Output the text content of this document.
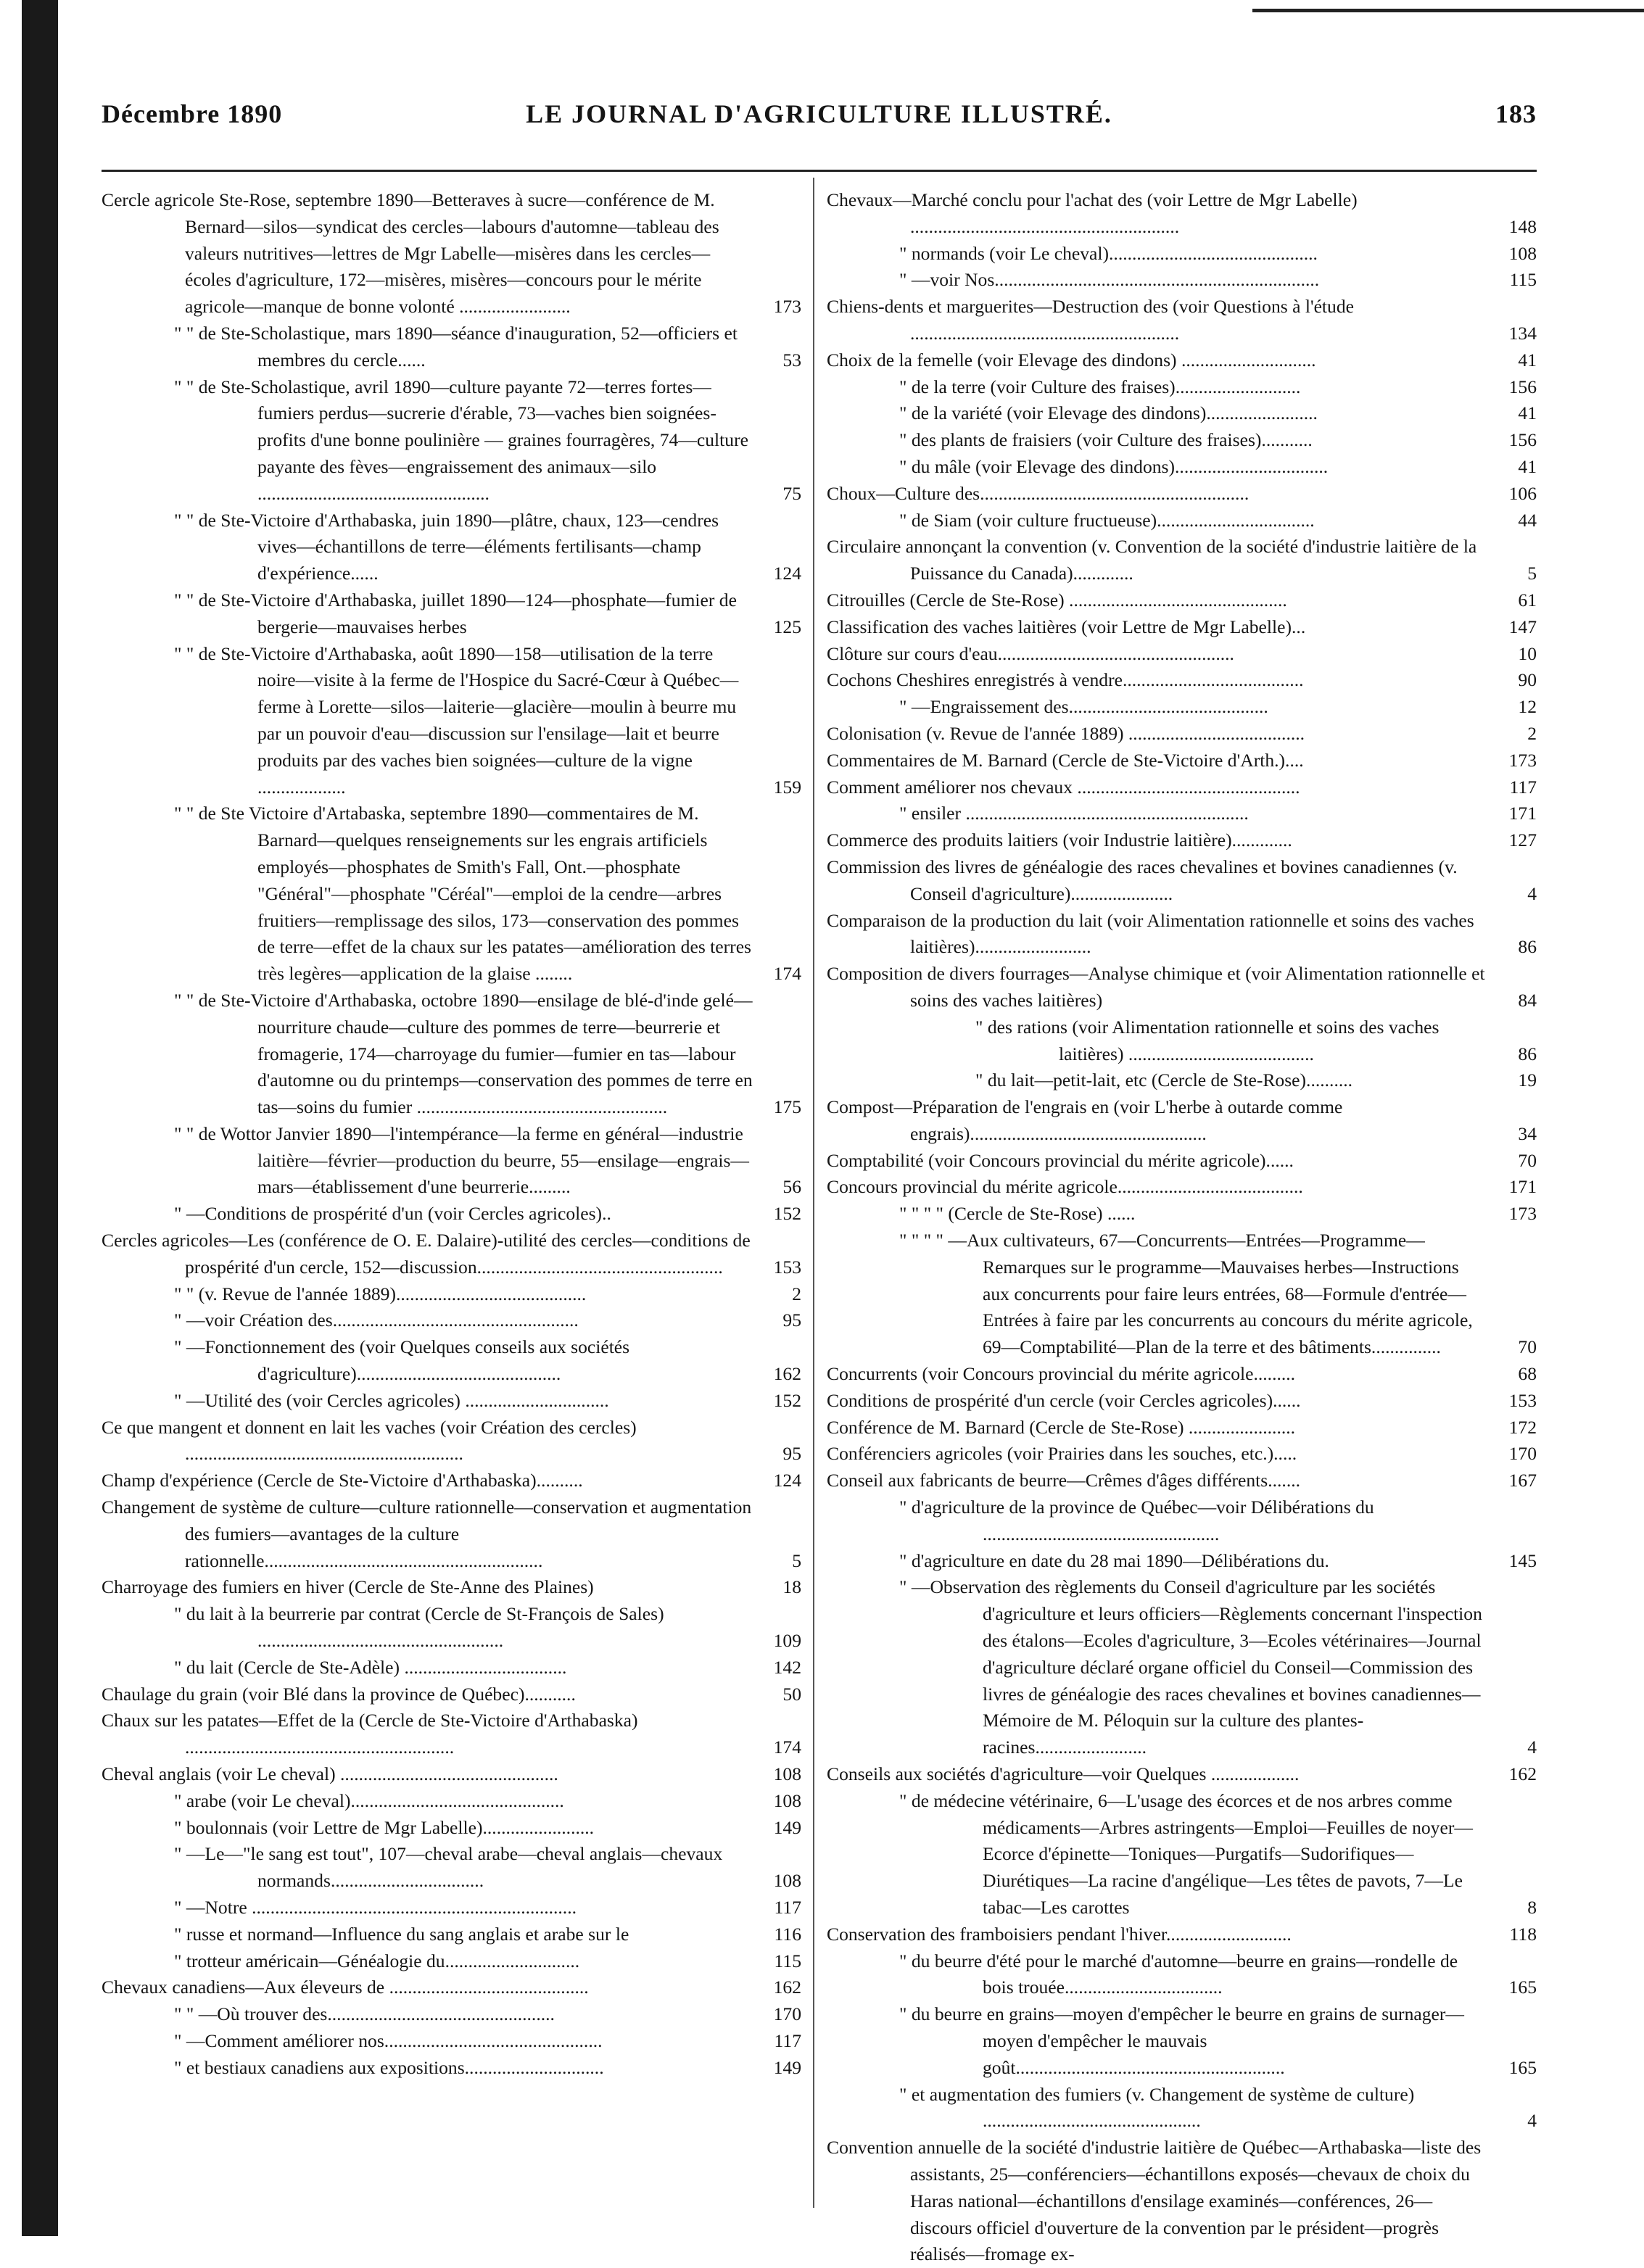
Décembre 1890	LE JOURNAL D'AGRICULTURE ILLUSTRÉ.	183
Cercle agricole Ste-Rose, septembre 1890—Betteraves à sucre—conférence de M. Bernard—silos—syndicat des cercles—labours d'automne—tableau des valeurs nutritives—lettres de Mgr Labelle—misères dans les cercles—écoles d'agriculture, 172—misères, misères—concours pour le mérite agricole—manque de bonne volonté ........................	173
" " de Ste-Scholastique, mars 1890—séance d'inauguration, 52—officiers et membres du cercle......	53
" " de Ste-Scholastique, avril 1890—culture payante 72—terres fortes—fumiers perdus—sucrerie d'érable, 73—vaches bien soignées-profits d'une bonne poulinière — graines fourragères, 74—culture payante des fèves—engraissement des animaux—silo ..................................................	75
" " de Ste-Victoire d'Arthabaska, juin 1890—plâtre, chaux, 123—cendres vives—échantillons de terre—éléments fertilisants—champ d'expérience......	124
" " de Ste-Victoire d'Arthabaska, juillet 1890—124—phosphate—fumier de bergerie—mauvaises herbes	125
" " de Ste-Victoire d'Arthabaska, août 1890—158—utilisation de la terre noire—visite à la ferme de l'Hospice du Sacré-Cœur à Québec—ferme à Lorette—silos—laiterie—glacière—moulin à beurre mu par un pouvoir d'eau—discussion sur l'ensilage—lait et beurre produits par des vaches bien soignées—culture de la vigne ...................	159
" " de Ste Victoire d'Artabaska, septembre 1890—commentaires de M. Barnard—quelques renseignements sur les engrais artificiels employés—phosphates de Smith's Fall, Ont.—phosphate "Général"—phosphate "Céréal"—emploi de la cendre—arbres fruitiers—remplissage des silos, 173—conservation des pommes de terre—effet de la chaux sur les patates—amélioration des terres très legères—application de la glaise ........	174
" " de Ste-Victoire d'Arthabaska, octobre 1890—ensilage de blé-d'inde gelé—nourriture chaude—culture des pommes de terre—beurrerie et fromagerie, 174—charroyage du fumier—fumier en tas—labour d'automne ou du printemps—conservation des pommes de terre en tas—soins du fumier ......................................................	175
" " de Wottor Janvier 1890—l'intempérance—la ferme en général—industrie laitière—février—production du beurre, 55—ensilage—engrais—mars—établissement d'une beurrerie.........	56
" —Conditions de prospérité d'un (voir Cercles agricoles)..	152
Cercles agricoles—Les (conférence de O. E. Dalaire)-utilité des cercles—conditions de prospérité d'un cercle, 152—discussion.....................................................	153
" " (v. Revue de l'année 1889).........................................	2
" —voir Création des.....................................................	95
" —Fonctionnement des (voir Quelques conseils aux sociétés d'agriculture)............................................	162
" —Utilité des (voir Cercles agricoles) ...............................	152
Ce que mangent et donnent en lait les vaches (voir Création des cercles) ............................................................	95
Champ d'expérience (Cercle de Ste-Victoire d'Arthabaska)..........	124
Changement de système de culture—culture rationnelle—conservation et augmentation des fumiers—avantages de la culture rationnelle............................................................	5
Charroyage des fumiers en hiver (Cercle de Ste-Anne des Plaines)	18
" du lait à la beurrerie par contrat (Cercle de St-François de Sales) .....................................................	109
" du lait (Cercle de Ste-Adèle) ...................................	142
Chaulage du grain (voir Blé dans la province de Québec)...........	50
Chaux sur les patates—Effet de la (Cercle de Ste-Victoire d'Arthabaska) ..........................................................	174
Cheval anglais (voir Le cheval) ...............................................	108
" arabe (voir Le cheval)..............................................	108
" boulonnais (voir Lettre de Mgr Labelle)........................	149
" —Le—"le sang est tout", 107—cheval arabe—cheval anglais—chevaux normands.................................	108
" —Notre ......................................................................	117
" russe et normand—Influence du sang anglais et arabe sur le	116
" trotteur américain—Généalogie du.............................	115
Chevaux canadiens—Aux éleveurs de ...........................................	162
" " —Où trouver des.................................................	170
" —Comment améliorer nos...............................................	117
" et bestiaux canadiens aux expositions..............................	149
Chevaux—Marché conclu pour l'achat des (voir Lettre de Mgr Labelle) ..........................................................	148
" normands (voir Le cheval).............................................	108
" —voir Nos......................................................................	115
Chiens-dents et marguerites—Destruction des (voir Questions à l'étude ..........................................................	134
Choix de la femelle (voir Elevage des dindons) .............................	41
" de la terre (voir Culture des fraises)...........................	156
" de la variété (voir Elevage des dindons)........................	41
" des plants de fraisiers (voir Culture des fraises)...........	156
" du mâle (voir Elevage des dindons).................................	41
Choux—Culture des..........................................................	106
" de Siam (voir culture fructueuse)..................................	44
Circulaire annonçant la convention (v. Convention de la société d'industrie laitière de la Puissance du Canada).............	5
Citrouilles (Cercle de Ste-Rose) ...............................................	61
Classification des vaches laitières (voir Lettre de Mgr Labelle)...	147
Clôture sur cours d'eau...................................................	10
Cochons Cheshires enregistrés à vendre.......................................	90
" —Engraissement des...........................................	12
Colonisation (v. Revue de l'année 1889) ......................................	2
Commentaires de M. Barnard (Cercle de Ste-Victoire d'Arth.)....	173
Comment améliorer nos chevaux ................................................	117
" ensiler .............................................................	171
Commerce des produits laitiers (voir Industrie laitière).............	127
Commission des livres de généalogie des races chevalines et bovines canadiennes (v. Conseil d'agriculture)......................	4
Comparaison de la production du lait (voir Alimentation rationnelle et soins des vaches laitières).........................	86
Composition de divers fourrages—Analyse chimique et (voir Alimentation rationnelle et soins des vaches laitières)	84
" des rations (voir Alimentation rationnelle et soins des vaches laitières) ........................................	86
" du lait—petit-lait, etc (Cercle de Ste-Rose)..........	19
Compost—Préparation de l'engrais en (voir L'herbe à outarde comme engrais)...................................................	34
Comptabilité (voir Concours provincial du mérite agricole)......	70
Concours provincial du mérite agricole........................................	171
" " " " (Cercle de Ste-Rose) ......	173
" " " " —Aux cultivateurs, 67—Concurrents—Entrées—Programme—Remarques sur le programme—Mauvaises herbes—Instructions aux concurrents pour faire leurs entrées, 68—Formule d'entrée—Entrées à faire par les concurrents au concours du mérite agricole, 69—Comptabilité—Plan de la terre et des bâtiments...............	70
Concurrents (voir Concours provincial du mérite agricole.........	68
Conditions de prospérité d'un cercle (voir Cercles agricoles)......	153
Conférence de M. Barnard (Cercle de Ste-Rose) .......................	172
Conférenciers agricoles (voir Prairies dans les souches, etc.).....	170
Conseil aux fabricants de beurre—Crêmes d'âges différents.......	167
" d'agriculture de la province de Québec—voir Délibérations du ...................................................
" d'agriculture en date du 28 mai 1890—Délibérations du.	145
" —Observation des règlements du Conseil d'agriculture par les sociétés d'agriculture et leurs officiers—Règlements concernant l'inspection des étalons—Ecoles d'agriculture, 3—Ecoles vétérinaires—Journal d'agriculture déclaré organe officiel du Conseil—Commission des livres de généalogie des races chevalines et bovines canadiennes—Mémoire de M. Péloquin sur la culture des plantes-racines........................	4
Conseils aux sociétés d'agriculture—voir Quelques ...................	162
" de médecine vétérinaire, 6—L'usage des écorces et de nos arbres comme médicaments—Arbres astringents—Emploi—Feuilles de noyer—Ecorce d'épinette—Toniques—Purgatifs—Sudorifiques—Diurétiques—La racine d'angélique—Les têtes de pavots, 7—Le tabac—Les carottes	8
Conservation des framboisiers pendant l'hiver...........................	118
" du beurre d'été pour le marché d'automne—beurre en grains—rondelle de bois trouée..................................	165
" du beurre en grains—moyen d'empêcher le beurre en grains de surnager—moyen d'empêcher le mauvais goût..........................................................	165
" et augmentation des fumiers (v. Changement de système de culture) ...............................................	4
Convention annuelle de la société d'industrie laitière de Québec—Arthabaska—liste des assistants, 25—conférenciers—échantillons exposés—chevaux de choix du Haras national—échantillons d'ensilage examinés—conférences, 26—discours officiel d'ouverture de la convention par le président—progrès réalisés—fromage ex-
